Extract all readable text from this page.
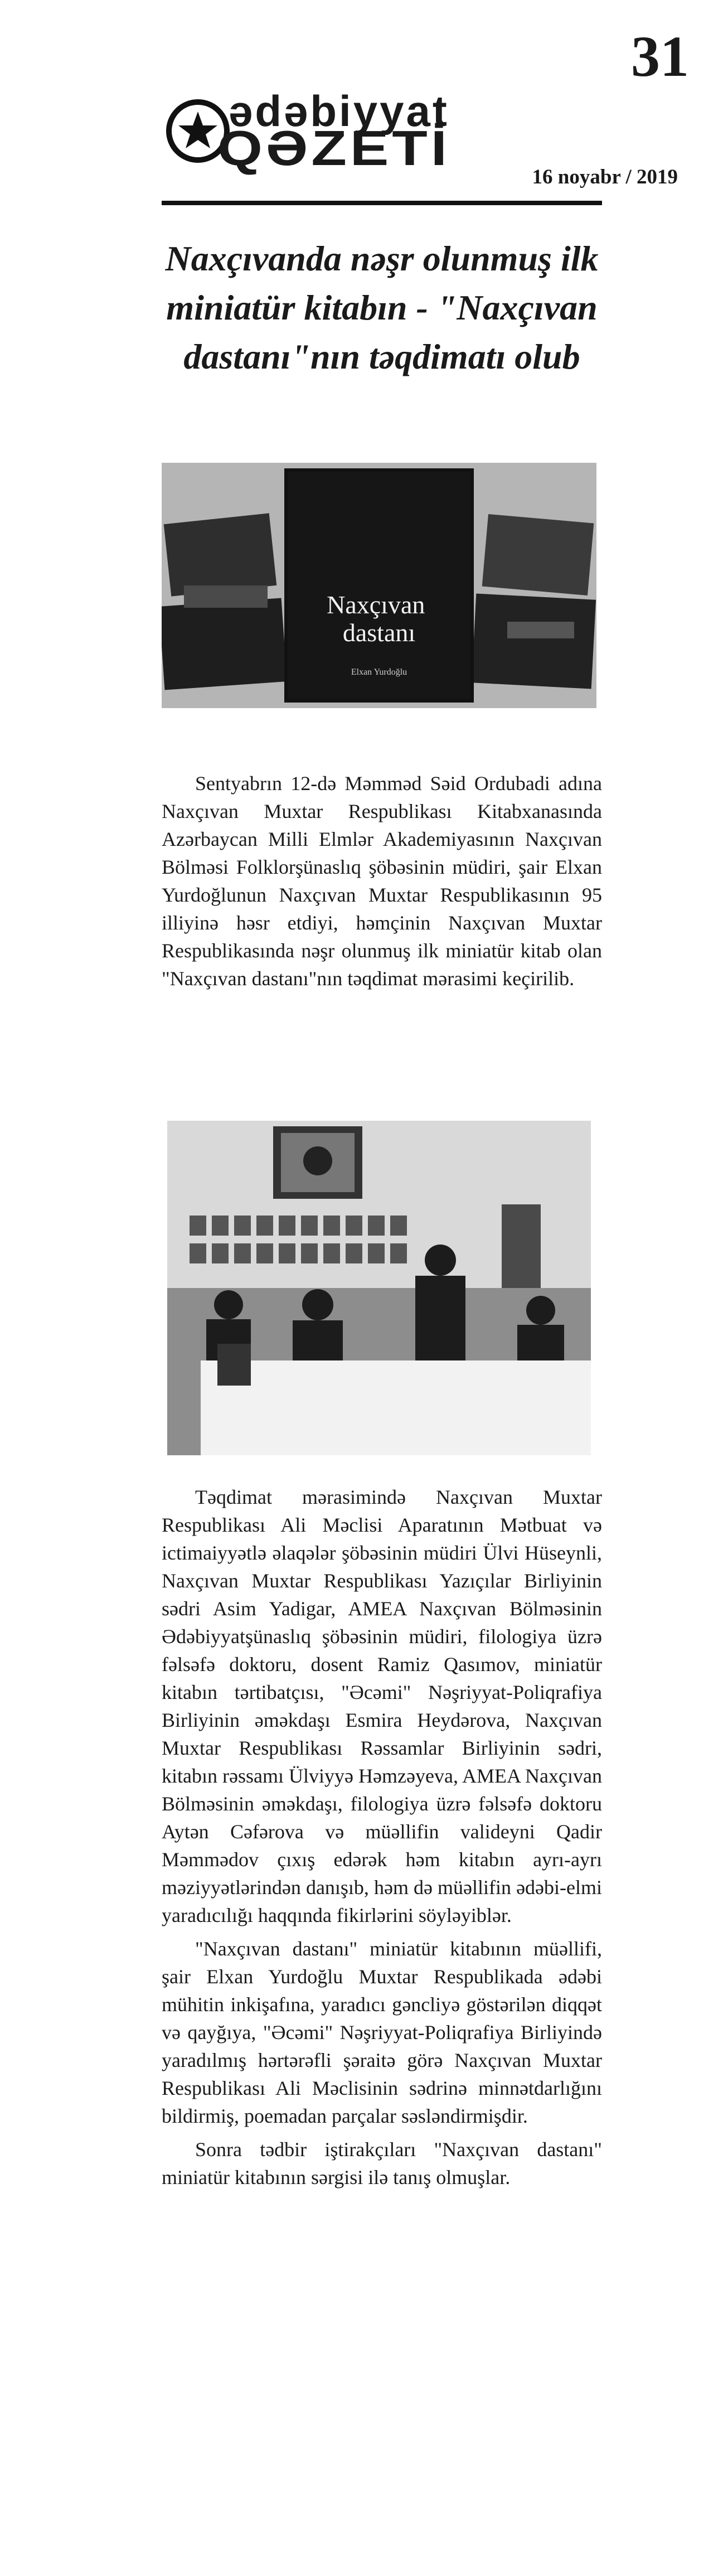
31
ədəbiyyat
QƏZETİ
16 noyabr / 2019
Naxçıvanda nəşr olunmuş ilk miniatür kitabın - "Naxçıvan dastanı"nın təqdimatı olub
Naxçıvan dastanı
Elxan Yurdoğlu

Sentyabrın 12-də Məmməd Səid Ordubadi adına Naxçıvan Muxtar Respublikası Kitabxanasında Azərbaycan Milli Elmlər Akademiyasının Naxçıvan Bölməsi Folklorşünaslıq şöbəsinin müdiri, şair Elxan Yurdoğlunun Naxçıvan Muxtar Respublikasının 95 illiyinə həsr etdiyi, həmçinin Naxçıvan Muxtar Respublikasında nəşr olunmuş ilk miniatür kitab olan "Naxçıvan dastanı"nın təqdimat mərasimi keçirilib.

Təqdimat mərasimində Naxçıvan Muxtar Respublikası Ali Məclisi Aparatının Mətbuat və ictimaiyyətlə əlaqələr şöbəsinin müdiri Ülvi Hüseynli, Naxçıvan Muxtar Respublikası Yazıçılar Birliyinin sədri Asim Yadigar, AMEA Naxçıvan Bölməsinin Ədəbiyyatşünaslıq şöbəsinin müdiri, filologiya üzrə fəlsəfə doktoru, dosent Ramiz Qasımov, miniatür kitabın tərtibatçısı, "Əcəmi" Nəşriyyat-Poliqrafiya Birliyinin əməkdaşı Esmira Heydərova, Naxçıvan Muxtar Respublikası Rəssamlar Birliyinin sədri, kitabın rəssamı Ülviyyə Həmzəyeva, AMEA Naxçıvan Bölməsinin əməkdaşı, filologiya üzrə fəlsəfə doktoru Aytən Cəfərova və müəllifin valideyni Qadir Məmmədov çıxış edərək həm kitabın ayrı-ayrı məziyyətlərindən danışıb, həm də müəllifin ədəbi-elmi yaradıcılığı haqqında fikirlərini söyləyiblər.

"Naxçıvan dastanı" miniatür kitabının müəllifi, şair Elxan Yurdoğlu Muxtar Respublikada ədəbi mühitin inkişafına, yaradıcı gəncliyə göstərilən diqqət və qayğıya, "Əcəmi" Nəşriyyat-Poliqrafiya Birliyində yaradılmış hərtərəfli şəraitə görə Naxçıvan Muxtar Respublikası Ali Məclisinin sədrinə minnətdarlığını bildirmiş, poemadan parçalar səsləndirmişdir.

Sonra tədbir iştirakçıları "Naxçıvan dastanı" miniatür kitabının sərgisi ilə tanış olmuşlar.
